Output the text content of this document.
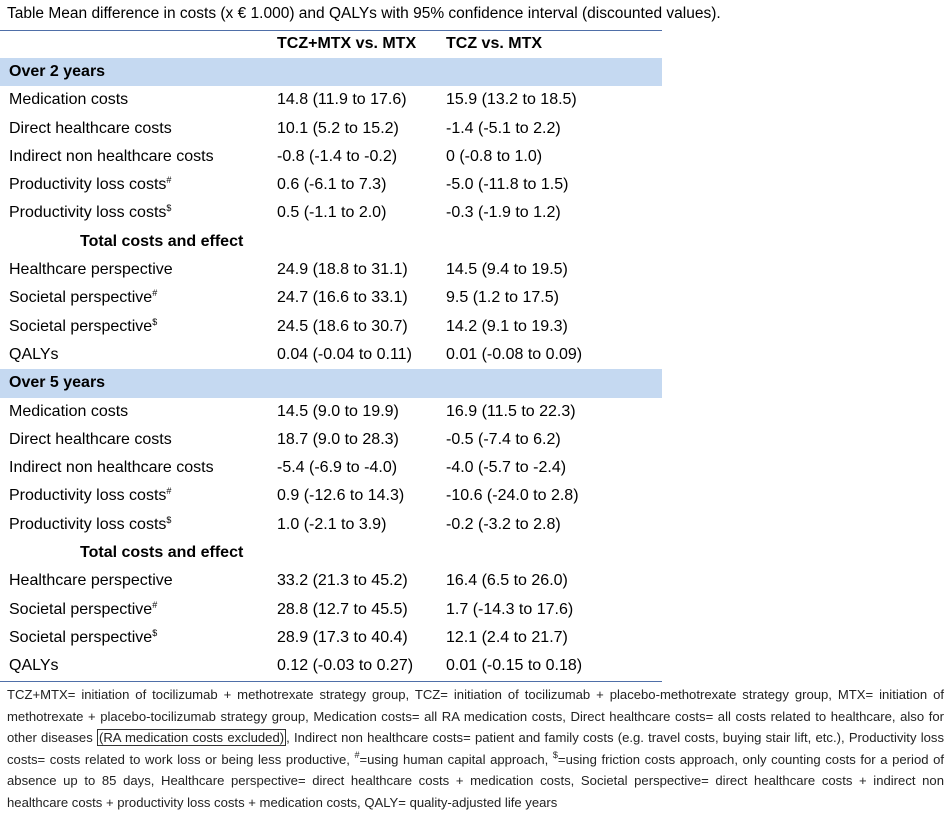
Table Mean difference in costs (x € 1.000) and QALYs with 95% confidence interval (discounted values).
TCZ+MTX vs. MTX TCZ vs. MTX
Over 2 years
Medication costs	14.8 (11.9 to 17.6) 15.9 (13.2 to 18.5)
Direct healthcare costs	10.1 (5.2 to 15.2)	-1.4 (-5.1 to 2.2)
Indirect non healthcare costs	-0.8 (-1.4 to -0.2)	0 (-0.8 to 1.0)
Productivity loss costs#	0.6 (-6.1 to 7.3)	-5.0 (-11.8 to 1.5)
Productivity loss costs$	0.5 (-1.1 to 2.0)	-0.3 (-1.9 to 1.2)
Total costs and effect
Healthcare perspective	24.9 (18.8 to 31.1) 14.5 (9.4 to 19.5)
Societal perspective#	24.7 (16.6 to 33.1) 9.5 (1.2 to 17.5)
Societal perspective$	24.5 (18.6 to 30.7) 14.2 (9.1 to 19.3)
QALYs	0.04 (-0.04 to 0.11) 0.01 (-0.08 to 0.09)
Over 5 years
Medication costs	14.5 (9.0 to 19.9)	16.9 (11.5 to 22.3)
Direct healthcare costs	18.7 (9.0 to 28.3)	-0.5 (-7.4 to 6.2)
Indirect non healthcare costs	-5.4 (-6.9 to -4.0)	-4.0 (-5.7 to -2.4)
Productivity loss costs#	0.9 (-12.6 to 14.3)	-10.6 (-24.0 to 2.8)
Productivity loss costs$	1.0 (-2.1 to 3.9)	-0.2 (-3.2 to 2.8)
Total costs and effect
Healthcare perspective	33.2 (21.3 to 45.2) 16.4 (6.5 to 26.0)
Societal perspective#	28.8 (12.7 to 45.5) 1.7 (-14.3 to 17.6)
Societal perspective$	28.9 (17.3 to 40.4) 12.1 (2.4 to 21.7)
QALYs	0.12 (-0.03 to 0.27) 0.01 (-0.15 to 0.18)
TCZ+MTX= initiation of tocilizumab + methotrexate strategy group, TCZ= initiation of tocilizumab + placebo-methotrexate strategy group, MTX= initiation of methotrexate + placebo-tocilizumab strategy group, Medication costs= all RA medication costs, Direct healthcare costs= all costs related to healthcare, also for other diseases (RA medication costs excluded) , Indirect non healthcare costs= patient and family costs (e.g. travel costs, buying stair lift, etc.), Productivity loss costs= costs related to work loss or being less productive, #=using human capital approach, $=using friction costs approach, only counting costs for a period of absence up to 85 days, Healthcare perspective= direct healthcare costs + medication costs, Societal perspective= direct healthcare costs + indirect non healthcare costs + productivity loss costs + medication costs, QALY= quality-adjusted life years
